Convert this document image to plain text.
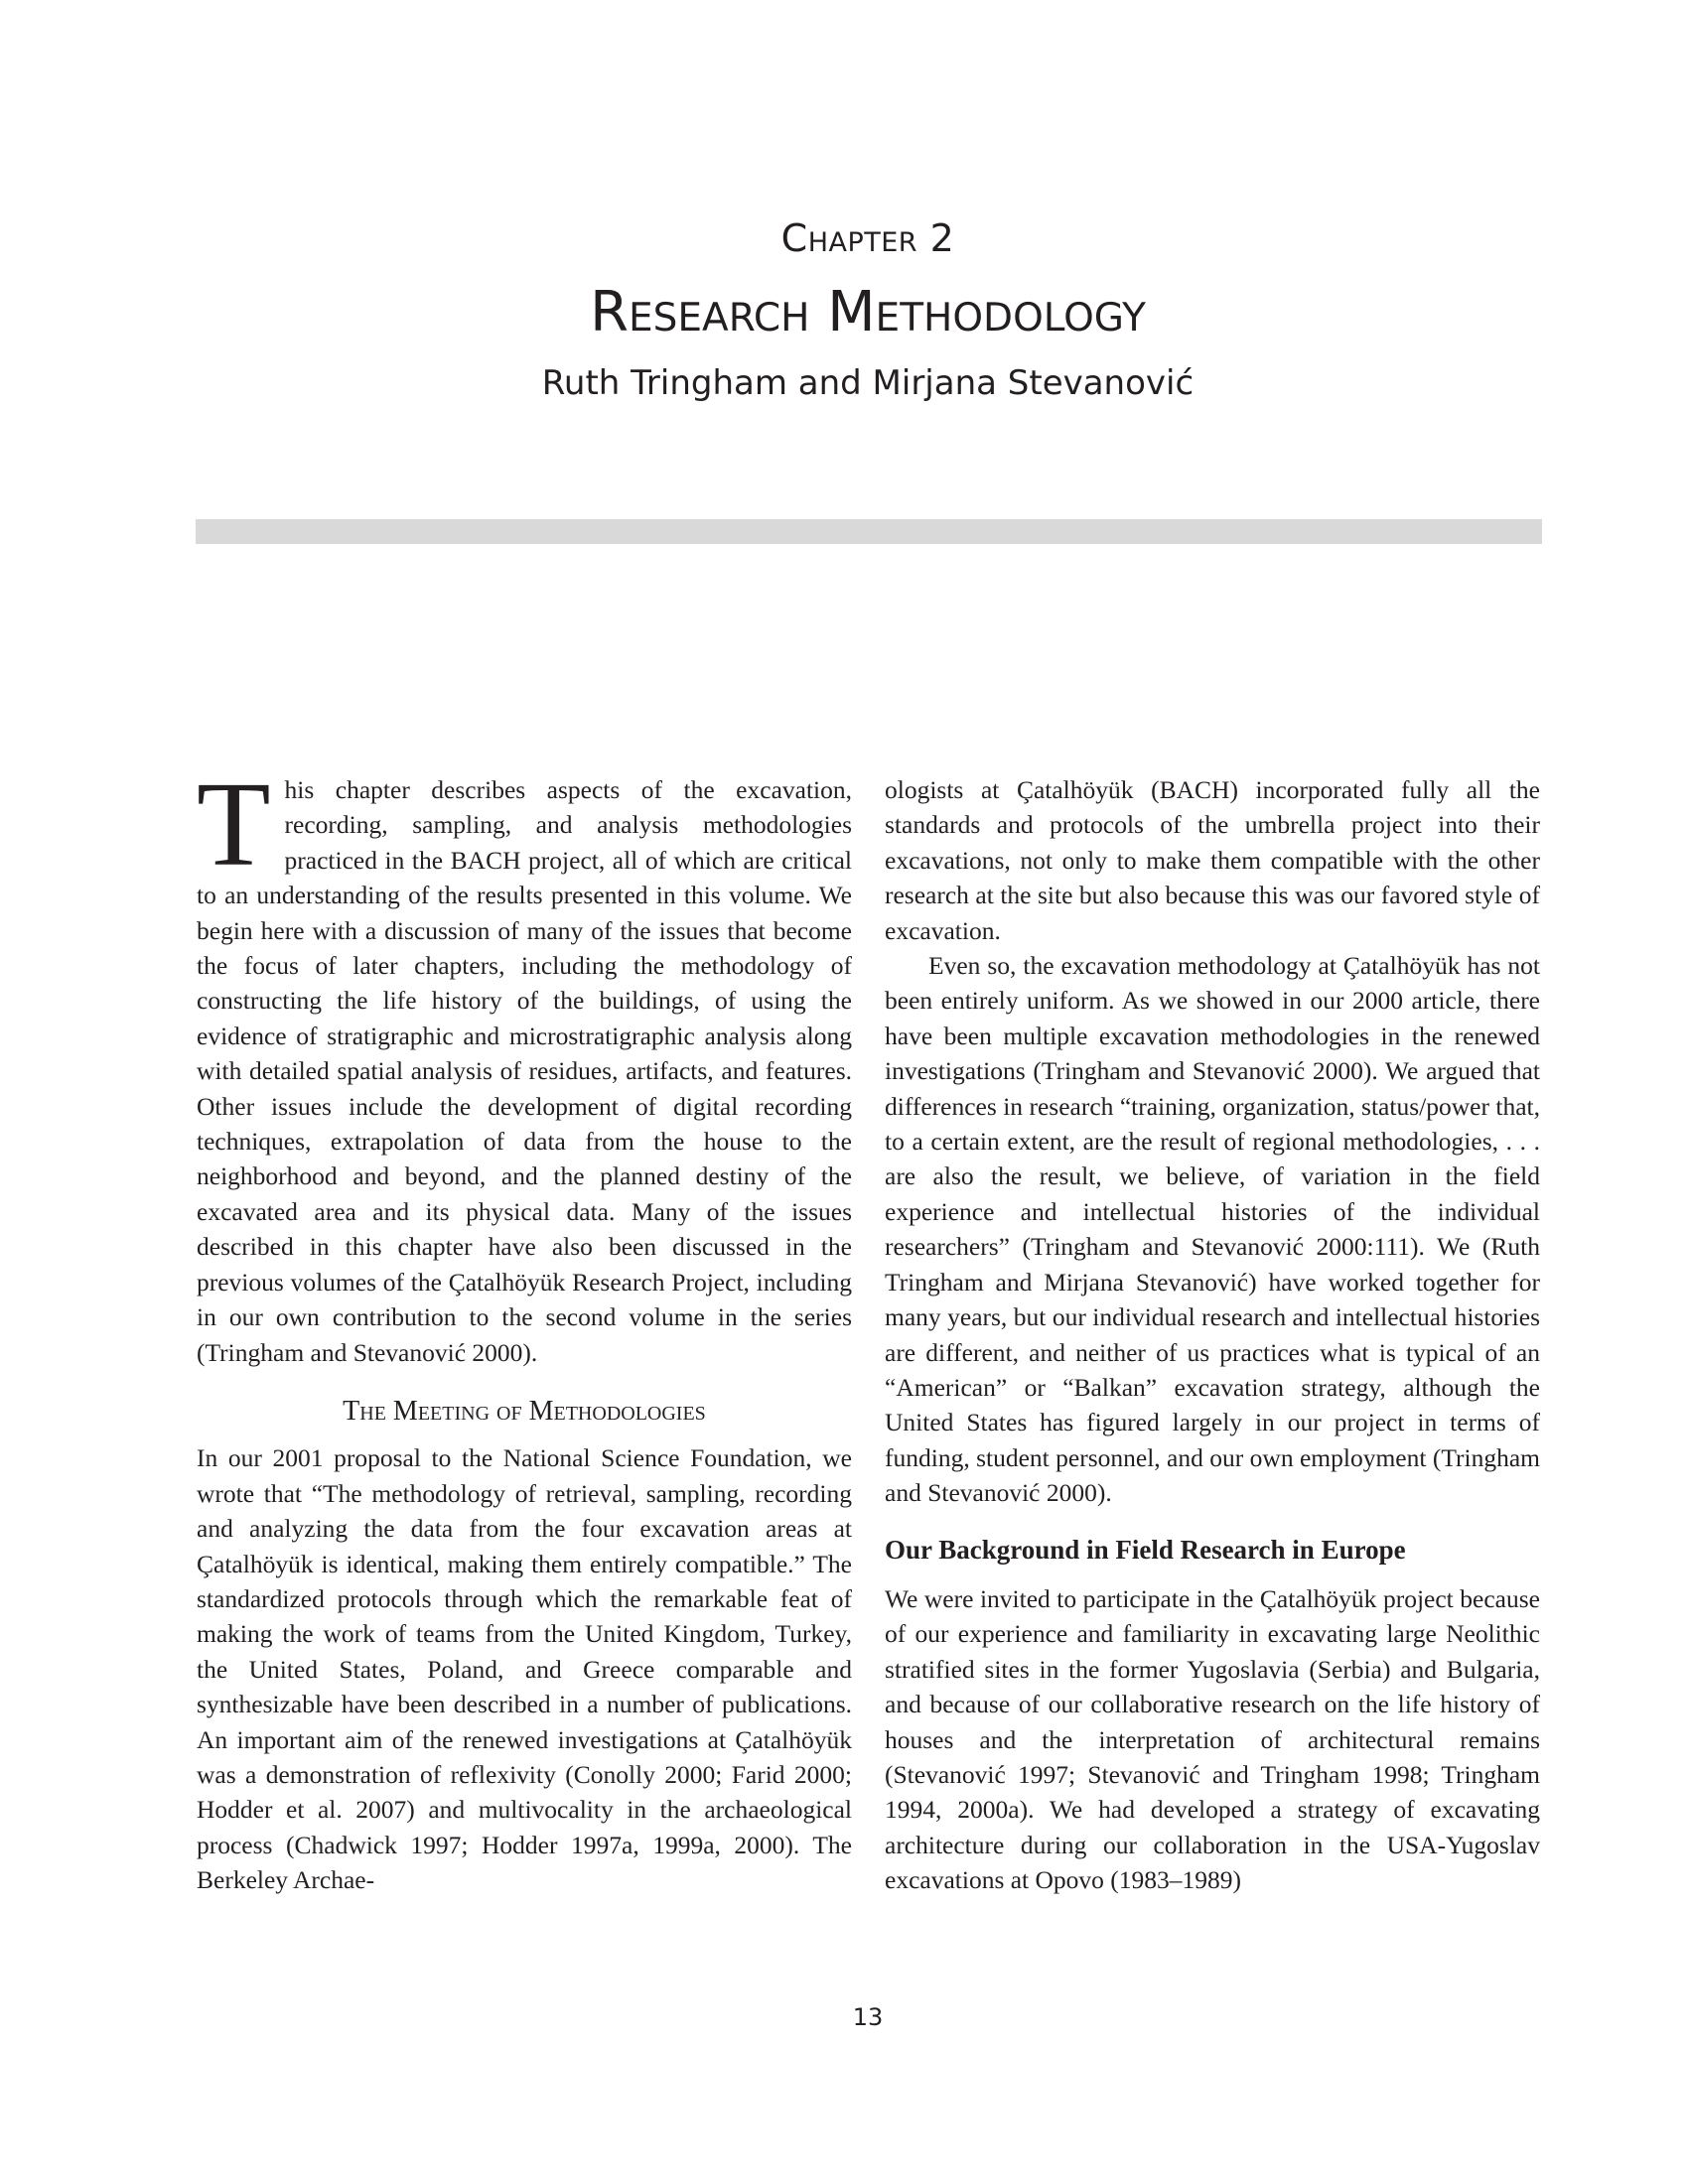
Chapter 2
Research Methodology
Ruth Tringham and Mirjana Stevanović

This chapter describes aspects of the excavation, recording, sampling, and analysis methodologies practiced in the BACH project, all of which are critical to an understanding of the results presented in this volume. We begin here with a discussion of many of the issues that become the focus of later chapters, including the methodology of constructing the life history of the buildings, of using the evidence of stratigraphic and microstratigraphic analysis along with detailed spatial analysis of residues, artifacts, and features. Other issues include the development of digital recording techniques, extrapolation of data from the house to the neighborhood and beyond, and the planned destiny of the excavated area and its physical data. Many of the issues described in this chapter have also been discussed in the previous volumes of the Çatalhöyük Research Project, including in our own contribution to the second volume in the series (Tringham and Stevanović 2000).

The Meeting of Methodologies

In our 2001 proposal to the National Science Foundation, we wrote that “The methodology of retrieval, sampling, recording and analyzing the data from the four excavation areas at Çatalhöyük is identical, making them entirely compatible.” The standardized protocols through which the remarkable feat of making the work of teams from the United Kingdom, Turkey, the United States, Poland, and Greece comparable and synthesizable have been described in a number of publications. An important aim of the renewed investigations at Çatalhöyük was a demonstration of reflexivity (Conolly 2000; Farid 2000; Hodder et al. 2007) and multivocality in the archaeological process (Chadwick 1997; Hodder 1997a, 1999a, 2000). The Berkeley Archae-

ologists at Çatalhöyük (BACH) incorporated fully all the standards and protocols of the umbrella project into their excavations, not only to make them compatible with the other research at the site but also because this was our favored style of excavation.

Even so, the excavation methodology at Çatalhöyük has not been entirely uniform. As we showed in our 2000 article, there have been multiple excavation methodologies in the renewed investigations (Tringham and Stevanović 2000). We argued that differences in research “training, organization, status/power that, to a certain extent, are the result of regional methodologies, . . . are also the result, we believe, of variation in the field experience and intellectual histories of the individual researchers” (Tringham and Stevanović 2000:111). We (Ruth Tringham and Mirjana Stevanović) have worked together for many years, but our individual research and intellectual histories are different, and neither of us practices what is typical of an “American” or “Balkan” excavation strategy, although the United States has figured largely in our project in terms of funding, student personnel, and our own employment (Tringham and Stevanović 2000).

Our Background in Field Research in Europe

We were invited to participate in the Çatalhöyük project because of our experience and familiarity in excavating large Neolithic stratified sites in the former Yugoslavia (Serbia) and Bulgaria, and because of our collaborative research on the life history of houses and the interpretation of architectural remains (Stevanović 1997; Stevanović and Tringham 1998; Tringham 1994, 2000a). We had developed a strategy of excavating architecture during our collaboration in the USA-Yugoslav excavations at Opovo (1983–1989)

13
